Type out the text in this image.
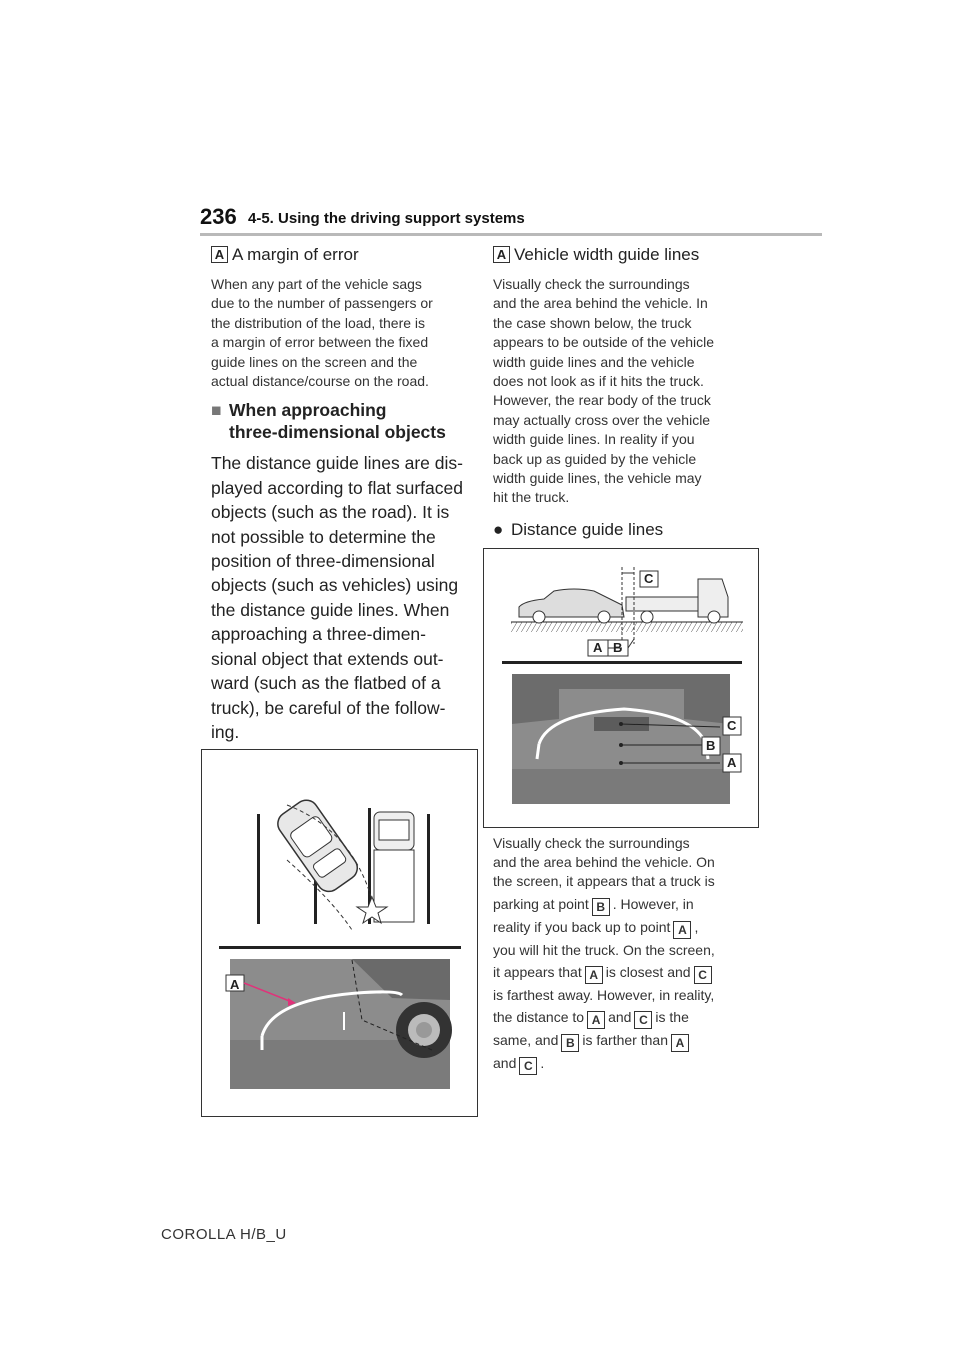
236 4-5. Using the driving support systems
A A margin of error
When any part of the vehicle sags
due to the number of passengers or
the distribution of the load, there is
a margin of error between the fixed
guide lines on the screen and the
actual distance/course on the road.
■ When approaching
three-dimensional objects
The distance guide lines are dis-
played according to flat surfaced
objects (such as the road). It is
not possible to determine the
position of three-dimensional
objects (such as vehicles) using
the distance guide lines. When
approaching a three-dimen-
sional object that extends out-
ward (such as the flatbed of a
truck), be careful of the follow-
ing.
A
A Vehicle width guide lines
Visually check the surroundings
and the area behind the vehicle. In
the case shown below, the truck
appears to be outside of the vehicle
width guide lines and the vehicle
does not look as if it hits the truck.
However, the rear body of the truck
may actually cross over the vehicle
width guide lines. In reality if you
back up as guided by the vehicle
width guide lines, the vehicle may
hit the truck.
● Distance guide lines
C
A B
C
B
A
Visually check the surroundings
and the area behind the vehicle. On
the screen, it appears that a truck is
parking at point B . However, in
reality if you back up to point A ,
you will hit the truck. On the screen,
it appears that A is closest and C
is farthest away. However, in reality,
the distance to A and C is the
same, and B is farther than A
and C .
COROLLA H/B_U
